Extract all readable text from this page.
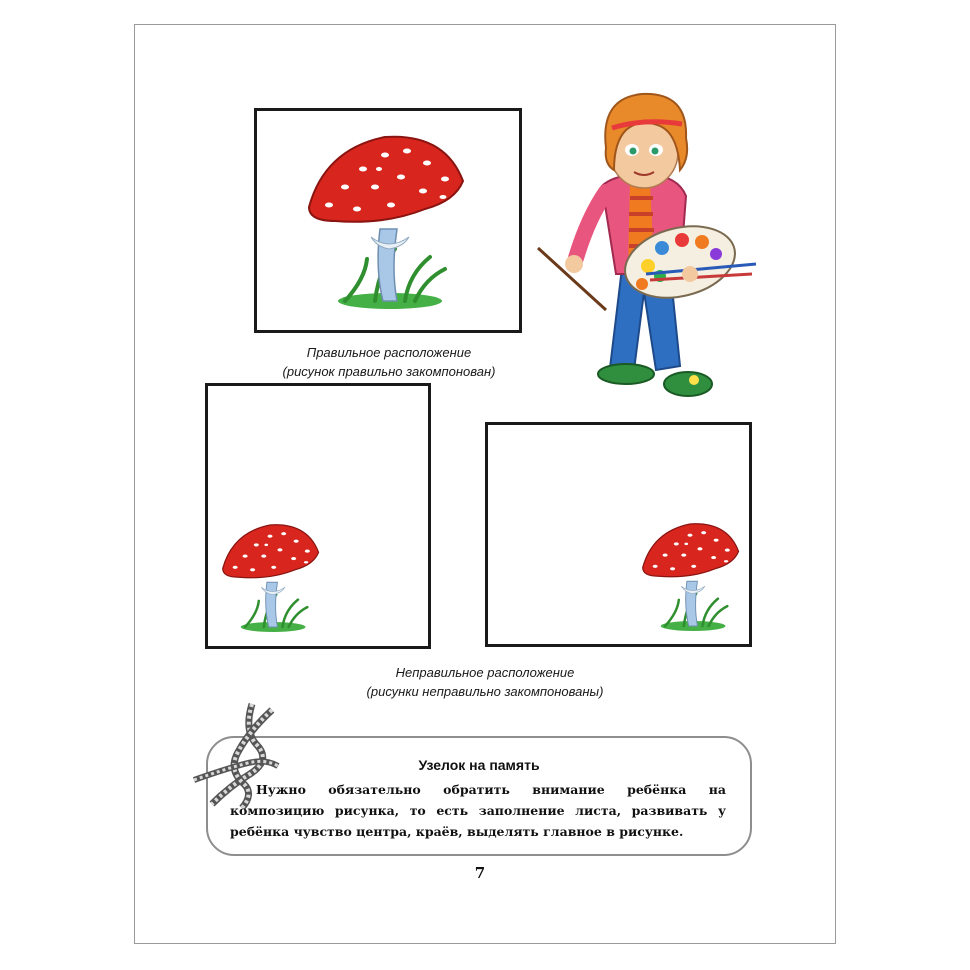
Правильное расположение
(рисунок правильно закомпонован)
Неправильное расположение
(рисунки неправильно закомпонованы)
Узелок на память
Нужно обязательно обратить внимание ребёнка на композицию рисунка, то есть заполнение листа, развивать у ребёнка чувство центра, краёв, выделять главное в рисунке.
7
